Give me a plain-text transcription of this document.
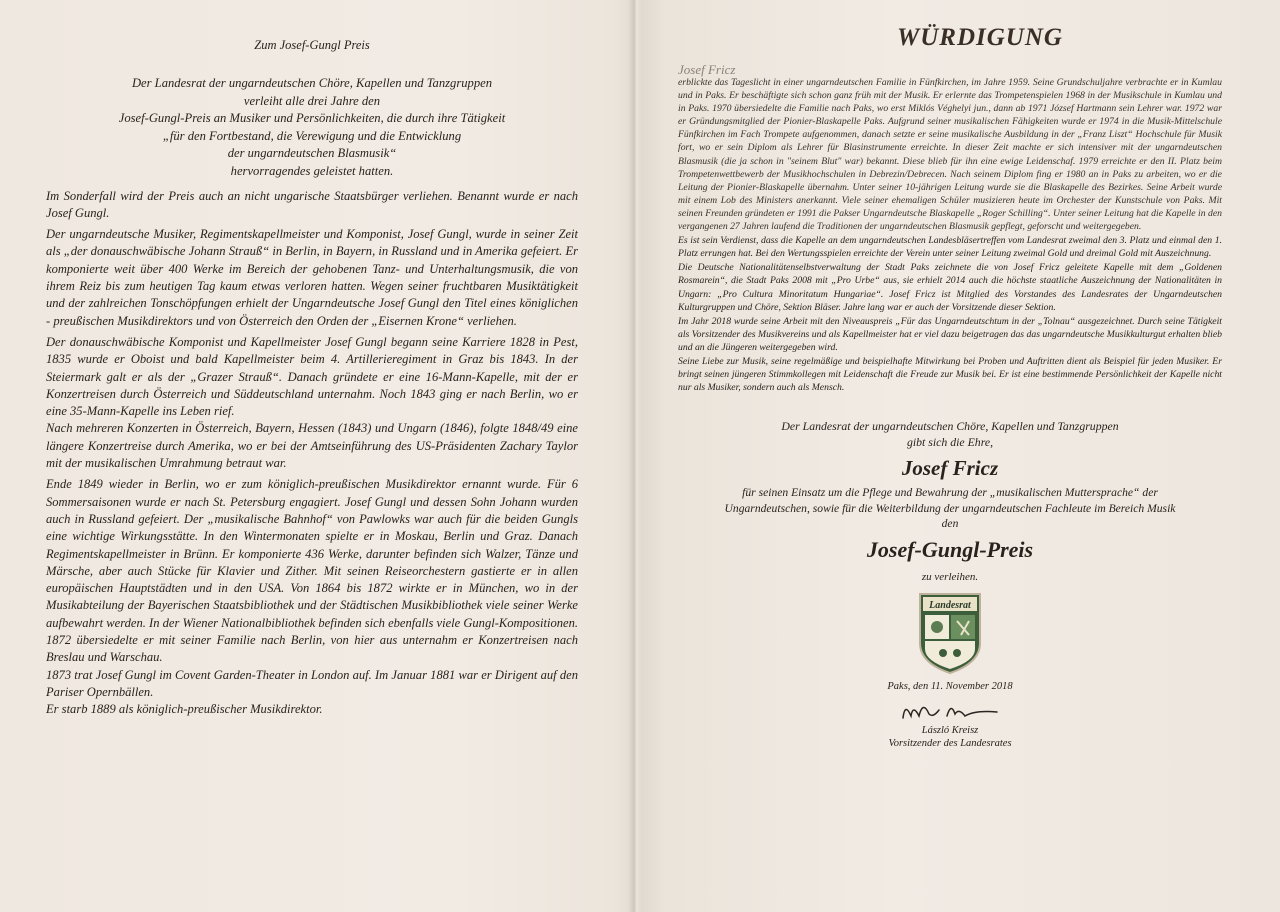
Zum Josef-Gungl Preis
Der Landesrat der ungarndeutschen Chöre, Kapellen und Tanzgruppen
verleiht alle drei Jahre den
Josef-Gungl-Preis an Musiker und Persönlichkeiten, die durch ihre Tätigkeit
„für den Fortbestand, die Verewigung und die Entwicklung
der ungarndeutschen Blasmusik“
hervorragendes geleistet hatten.

Im Sonderfall wird der Preis auch an nicht ungarische Staatsbürger verliehen. Benannt wurde er nach Josef Gungl.

Der ungarndeutsche Musiker, Regimentskapellmeister und Komponist, Josef Gungl, wurde in seiner Zeit als „der donauschwäbische Johann Strauß“ in Berlin, in Bayern, in Russland und in Amerika gefeiert. Er komponierte weit über 400 Werke im Bereich der gehobenen Tanz- und Unterhaltungsmusik, die von ihrem Reiz bis zum heutigen Tag kaum etwas verloren hatten. Wegen seiner fruchtbaren Musiktätigkeit und der zahlreichen Tonschöpfungen erhielt der Ungarndeutsche Josef Gungl den Titel eines königlichen - preußischen Musikdirektors und von Österreich den Orden der „Eisernen Krone“ verliehen.

Der donauschwäbische Komponist und Kapellmeister Josef Gungl begann seine Karriere 1828 in Pest, 1835 wurde er Oboist und bald Kapellmeister beim 4. Artillerieregiment in Graz bis 1843. In der Steiermark galt er als der „Grazer Strauß“. Danach gründete er eine 16-Mann-Kapelle, mit der er Konzertreisen durch Österreich und Süddeutschland unternahm. Noch 1843 ging er nach Berlin, wo er eine 35-Mann-Kapelle ins Leben rief.

Nach mehreren Konzerten in Österreich, Bayern, Hessen (1843) und Ungarn (1846), folgte 1848/49 eine längere Konzertreise durch Amerika, wo er bei der Amtseinführung des US-Präsidenten Zachary Taylor mit der musikalischen Umrahmung betraut war.

Ende 1849 wieder in Berlin, wo er zum königlich-preußischen Musikdirektor ernannt wurde. Für 6 Sommersaisonen wurde er nach St. Petersburg engagiert. Josef Gungl und dessen Sohn Johann wurden auch in Russland gefeiert. Der „musikalische Bahnhof“ von Pawlowks war auch für die beiden Gungls eine wichtige Wirkungsstätte. In den Wintermonaten spielte er in Moskau, Berlin und Graz. Danach Regimentskapellmeister in Brünn. Er komponierte 436 Werke, darunter befinden sich Walzer, Tänze und Märsche, aber auch Stücke für Klavier und Zither. Mit seinen Reiseorchestern gastierte er in allen europäischen Hauptstädten und in den USA. Von 1864 bis 1872 wirkte er in München, wo in der Musikabteilung der Bayerischen Staatsbibliothek und der Städtischen Musikbibliothek viele seiner Werke aufbewahrt werden. In der Wiener Nationalbibliothek befinden sich ebenfalls viele Gungl-Kompositionen.

1872 übersiedelte er mit seiner Familie nach Berlin, von hier aus unternahm er Konzertreisen nach Breslau und Warschau.

1873 trat Josef Gungl im Covent Garden-Theater in London auf. Im Januar 1881 war er Dirigent auf den Pariser Opernbällen.

Er starb 1889 als königlich-preußischer Musikdirektor.

WÜRDIGUNG
Josef Fricz

erblickte das Tageslicht in einer ungarndeutschen Familie in Fünfkirchen, im Jahre 1959. Seine Grundschuljahre verbrachte er in Kumlau und in Paks. Er beschäftigte sich schon ganz früh mit der Musik. Er erlernte das Trompetenspielen 1968 in der Musikschule in Kumlau und in Paks. 1970 übersiedelte die Familie nach Paks, wo erst Miklós Véghelyi jun., dann ab 1971 József Hartmann sein Lehrer war. 1972 war er Gründungsmitglied der Pionier-Blaskapelle Paks. Aufgrund seiner musikalischen Fähigkeiten wurde er 1974 in die Musik-Mittelschule Fünfkirchen im Fach Trompete aufgenommen, danach setzte er seine musikalische Ausbildung in der „Franz Liszt“ Hochschule für Musik fort, wo er sein Diplom als Lehrer für Blasinstrumente erreichte. In dieser Zeit machte er sich intensiver mit der ungarndeutschen Blasmusik (die ja schon in "seinem Blut" war) bekannt. Diese blieb für ihn eine ewige Leidenschaf. 1979 erreichte er den II. Platz beim Trompetenwettbewerb der Musikhochschulen in Debrezin/Debrecen. Nach seinem Diplom fing er 1980 an in Paks zu arbeiten, wo er die Leitung der Pionier-Blaskapelle übernahm. Unter seiner 10-jährigen Leitung wurde sie die Blaskapelle des Bezirkes. Seine Arbeit wurde mit einem Lob des Ministers anerkannt. Viele seiner ehemaligen Schüler musizieren heute im Orchester der Kunstschule von Paks. Mit seinen Freunden gründeten er 1991 die Pakser Ungarndeutsche Blaskapelle „Roger Schilling“. Unter seiner Leitung hat die Kapelle in den vergangenen 27 Jahren laufend die Traditionen der ungarndeutschen Blasmusik gepflegt, geforscht und weitergegeben.

Es ist sein Verdienst, dass die Kapelle an dem ungarndeutschen Landesbläsertreffen vom Landesrat zweimal den 3. Platz und einmal den 1. Platz errungen hat. Bei den Wertungsspielen erreichte der Verein unter seiner Leitung zweimal Gold und dreimal Gold mit Auszeichnung.

Die Deutsche Nationalitätenselbstverwaltung der Stadt Paks zeichnete die von Josef Fricz geleitete Kapelle mit dem „Goldenen Rosmarein“, die Stadt Paks 2008 mit „Pro Urbe“ aus, sie erhielt 2014 auch die höchste staatliche Auszeichnung der Nationalitäten in Ungarn: „Pro Cultura Minoritatum Hungariae“. Josef Fricz ist Mitglied des Vorstandes des Landesrates der Ungarndeutschen Kulturgruppen und Chöre, Sektion Bläser. Jahre lang war er auch der Vorsitzende dieser Sektion.

Im Jahr 2018 wurde seine Arbeit mit den Niveauspreis „Für das Ungarndeutschtum in der „Tolnau“ ausgezeichnet. Durch seine Tätigkeit als Vorsitzender des Musikvereins und als Kapellmeister hat er viel dazu beigetragen das das ungarndeutsche Musikkulturgut erhalten blieb und an die Jüngeren weitergegeben wird.

Seine Liebe zur Musik, seine regelmäßige und beispielhafte Mitwirkung bei Proben und Auftritten dient als Beispiel für jeden Musiker. Er bringt seinen jüngeren Stimmkollegen mit Leidenschaft die Freude zur Musik bei. Er ist eine bestimmende Persönlichkeit der Kapelle nicht nur als Musiker, sondern auch als Mensch.

Der Landesrat der ungarndeutschen Chöre, Kapellen und Tanzgruppen
gibt sich die Ehre,
Josef Fricz
für seinen Einsatz um die Pflege und Bewahrung der „musikalischen Muttersprache“ der
Ungarndeutschen, sowie für die Weiterbildung der ungarndeutschen Fachleute im Bereich Musik
den
Josef-Gungl-Preis
zu verleihen.
Landesrat
Paks, den 11. November 2018
László Kreisz
Vorsitzender des Landesrates
